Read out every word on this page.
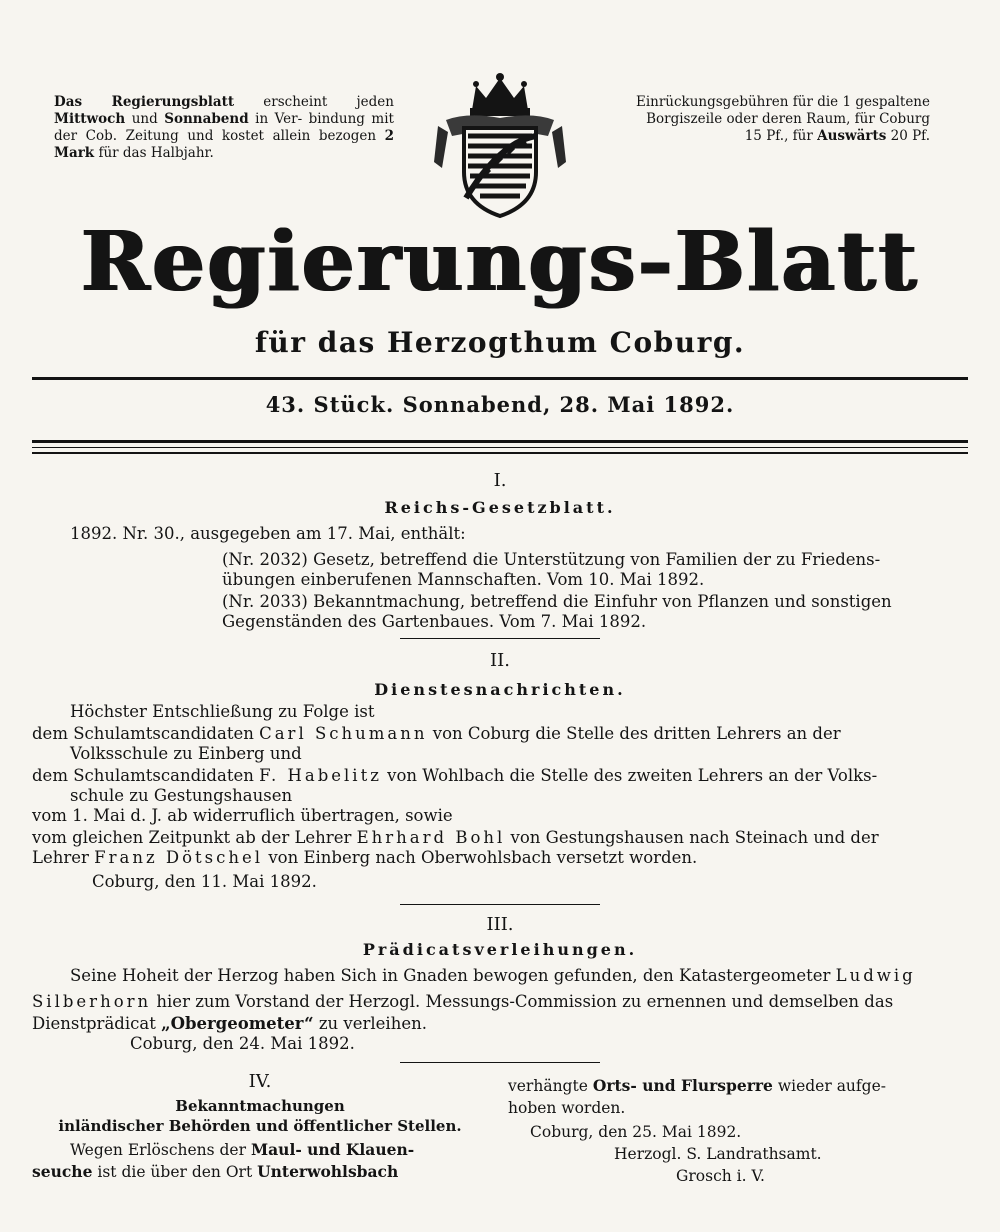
Das Regierungsblatt erscheint jeden Mittwoch und Sonnabend in Ver- bindung mit der Cob. Zeitung und kostet allein bezogen 2 Mark für das Halbjahr.
Einrückungsgebühren für die 1 gespaltene
Borgiszeile oder deren Raum, für Coburg
15 Pf., für Auswärts 20 Pf.
Regierungs-Blatt
für das Herzogthum Coburg.
43. Stück. Sonnabend, 28. Mai 1892.
I.
Reichs-Gesetzblatt.
1892. Nr. 30., ausgegeben am 17. Mai, enthält:
(Nr. 2032) Gesetz, betreffend die Unterstützung von Familien der zu Friedens-
übungen einberufenen Mannschaften. Vom 10. Mai 1892.
(Nr. 2033) Bekanntmachung, betreffend die Einfuhr von Pflanzen und sonstigen
Gegenständen des Gartenbaues. Vom 7. Mai 1892.
II.
Dienstesnachrichten.
Höchster Entschließung zu Folge ist
dem Schulamtscandidaten Carl Schumann von Coburg die Stelle des dritten Lehrers an der
Volksschule zu Einberg und
dem Schulamtscandidaten F. Habelitz von Wohlbach die Stelle des zweiten Lehrers an der Volks-
schule zu Gestungshausen
vom 1. Mai d. J. ab widerruflich übertragen, sowie
vom gleichen Zeitpunkt ab der Lehrer Ehrhard Bohl von Gestungshausen nach Steinach und der
Lehrer Franz Dötschel von Einberg nach Oberwohlsbach versetzt worden.
Coburg, den 11. Mai 1892.
III.
Prädicatsverleihungen.
Seine Hoheit der Herzog haben Sich in Gnaden bewogen gefunden, den Katastergeometer Ludwig
Silberhorn hier zum Vorstand der Herzogl. Messungs-Commission zu ernennen und demselben das
Dienstprädicat „Obergeometer“ zu verleihen.
Coburg, den 24. Mai 1892.
IV.
Bekanntmachungen
inländischer Behörden und öffentlicher Stellen.
Wegen Erlöschens der Maul- und Klauen-
seuche ist die über den Ort Unterwohlsbach
verhängte Orts- und Flursperre wieder aufge-
hoben worden.
Coburg, den 25. Mai 1892.
Herzogl. S. Landrathsamt.
Grosch i. V.
